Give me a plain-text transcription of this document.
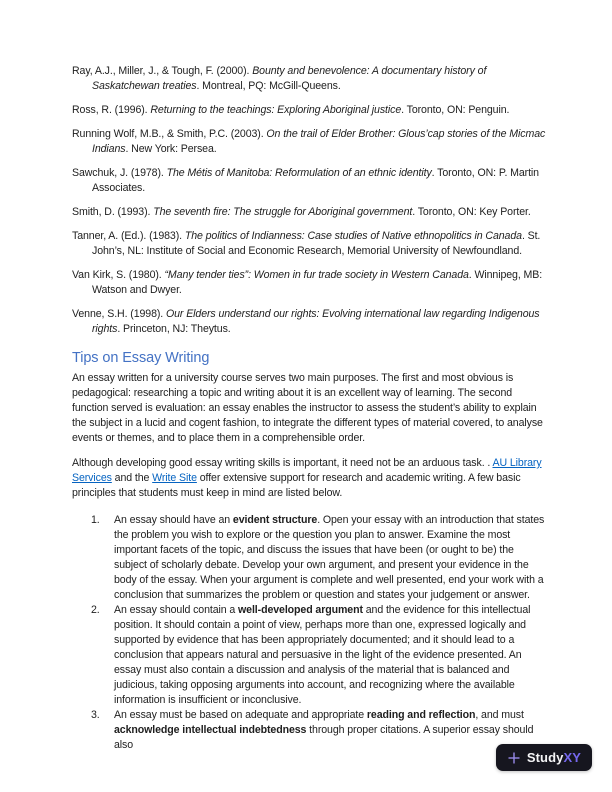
Ray, A.J., Miller, J., & Tough, F. (2000). Bounty and benevolence: A documentary history of Saskatchewan treaties. Montreal, PQ: McGill-Queens.

Ross, R. (1996). Returning to the teachings: Exploring Aboriginal justice. Toronto, ON: Penguin.

Running Wolf, M.B., & Smith, P.C. (2003). On the trail of Elder Brother: Glous’cap stories of the Micmac Indians. New York: Persea.

Sawchuk, J. (1978). The Métis of Manitoba: Reformulation of an ethnic identity. Toronto, ON: P. Martin Associates.

Smith, D. (1993). The seventh fire: The struggle for Aboriginal government. Toronto, ON: Key Porter.

Tanner, A. (Ed.). (1983). The politics of Indianness: Case studies of Native ethnopolitics in Canada. St. John’s, NL: Institute of Social and Economic Research, Memorial University of Newfoundland.

Van Kirk, S. (1980). “Many tender ties”: Women in fur trade society in Western Canada. Winnipeg, MB: Watson and Dwyer.

Venne, S.H. (1998). Our Elders understand our rights: Evolving international law regarding Indigenous rights. Princeton, NJ: Theytus.

Tips on Essay Writing

An essay written for a university course serves two main purposes. The first and most obvious is pedagogical: researching a topic and writing about it is an excellent way of learning. The second function served is evaluation: an essay enables the instructor to assess the student’s ability to explain the subject in a lucid and cogent fashion, to integrate the different types of material covered, to analyse events or themes, and to place them in a comprehensible order.

Although developing good essay writing skills is important, it need not be an arduous task. . AU Library Services and the Write Site offer extensive support for research and academic writing. A few basic principles that students must keep in mind are listed below.

1.	An essay should have an evident structure. Open your essay with an introduction that states the problem you wish to explore or the question you plan to answer. Examine the most important facets of the topic, and discuss the issues that have been (or ought to be) the subject of scholarly debate. Develop your own argument, and present your evidence in the body of the essay. When your argument is complete and well presented, end your work with a conclusion that summarizes the problem or question and states your judgement or answer.
2.	An essay should contain a well-developed argument and the evidence for this intellectual position. It should contain a point of view, perhaps more than one, expressed logically and supported by evidence that has been appropriately documented; and it should lead to a conclusion that appears natural and persuasive in the light of the evidence presented. An essay must also contain a discussion and analysis of the material that is balanced and judicious, taking opposing arguments into account, and recognizing where the available information is insufficient or inconclusive.
3.	An essay must be based on adequate and appropriate reading and reflection, and must acknowledge intellectual indebtedness through proper citations. A superior essay should also
StudyXY
